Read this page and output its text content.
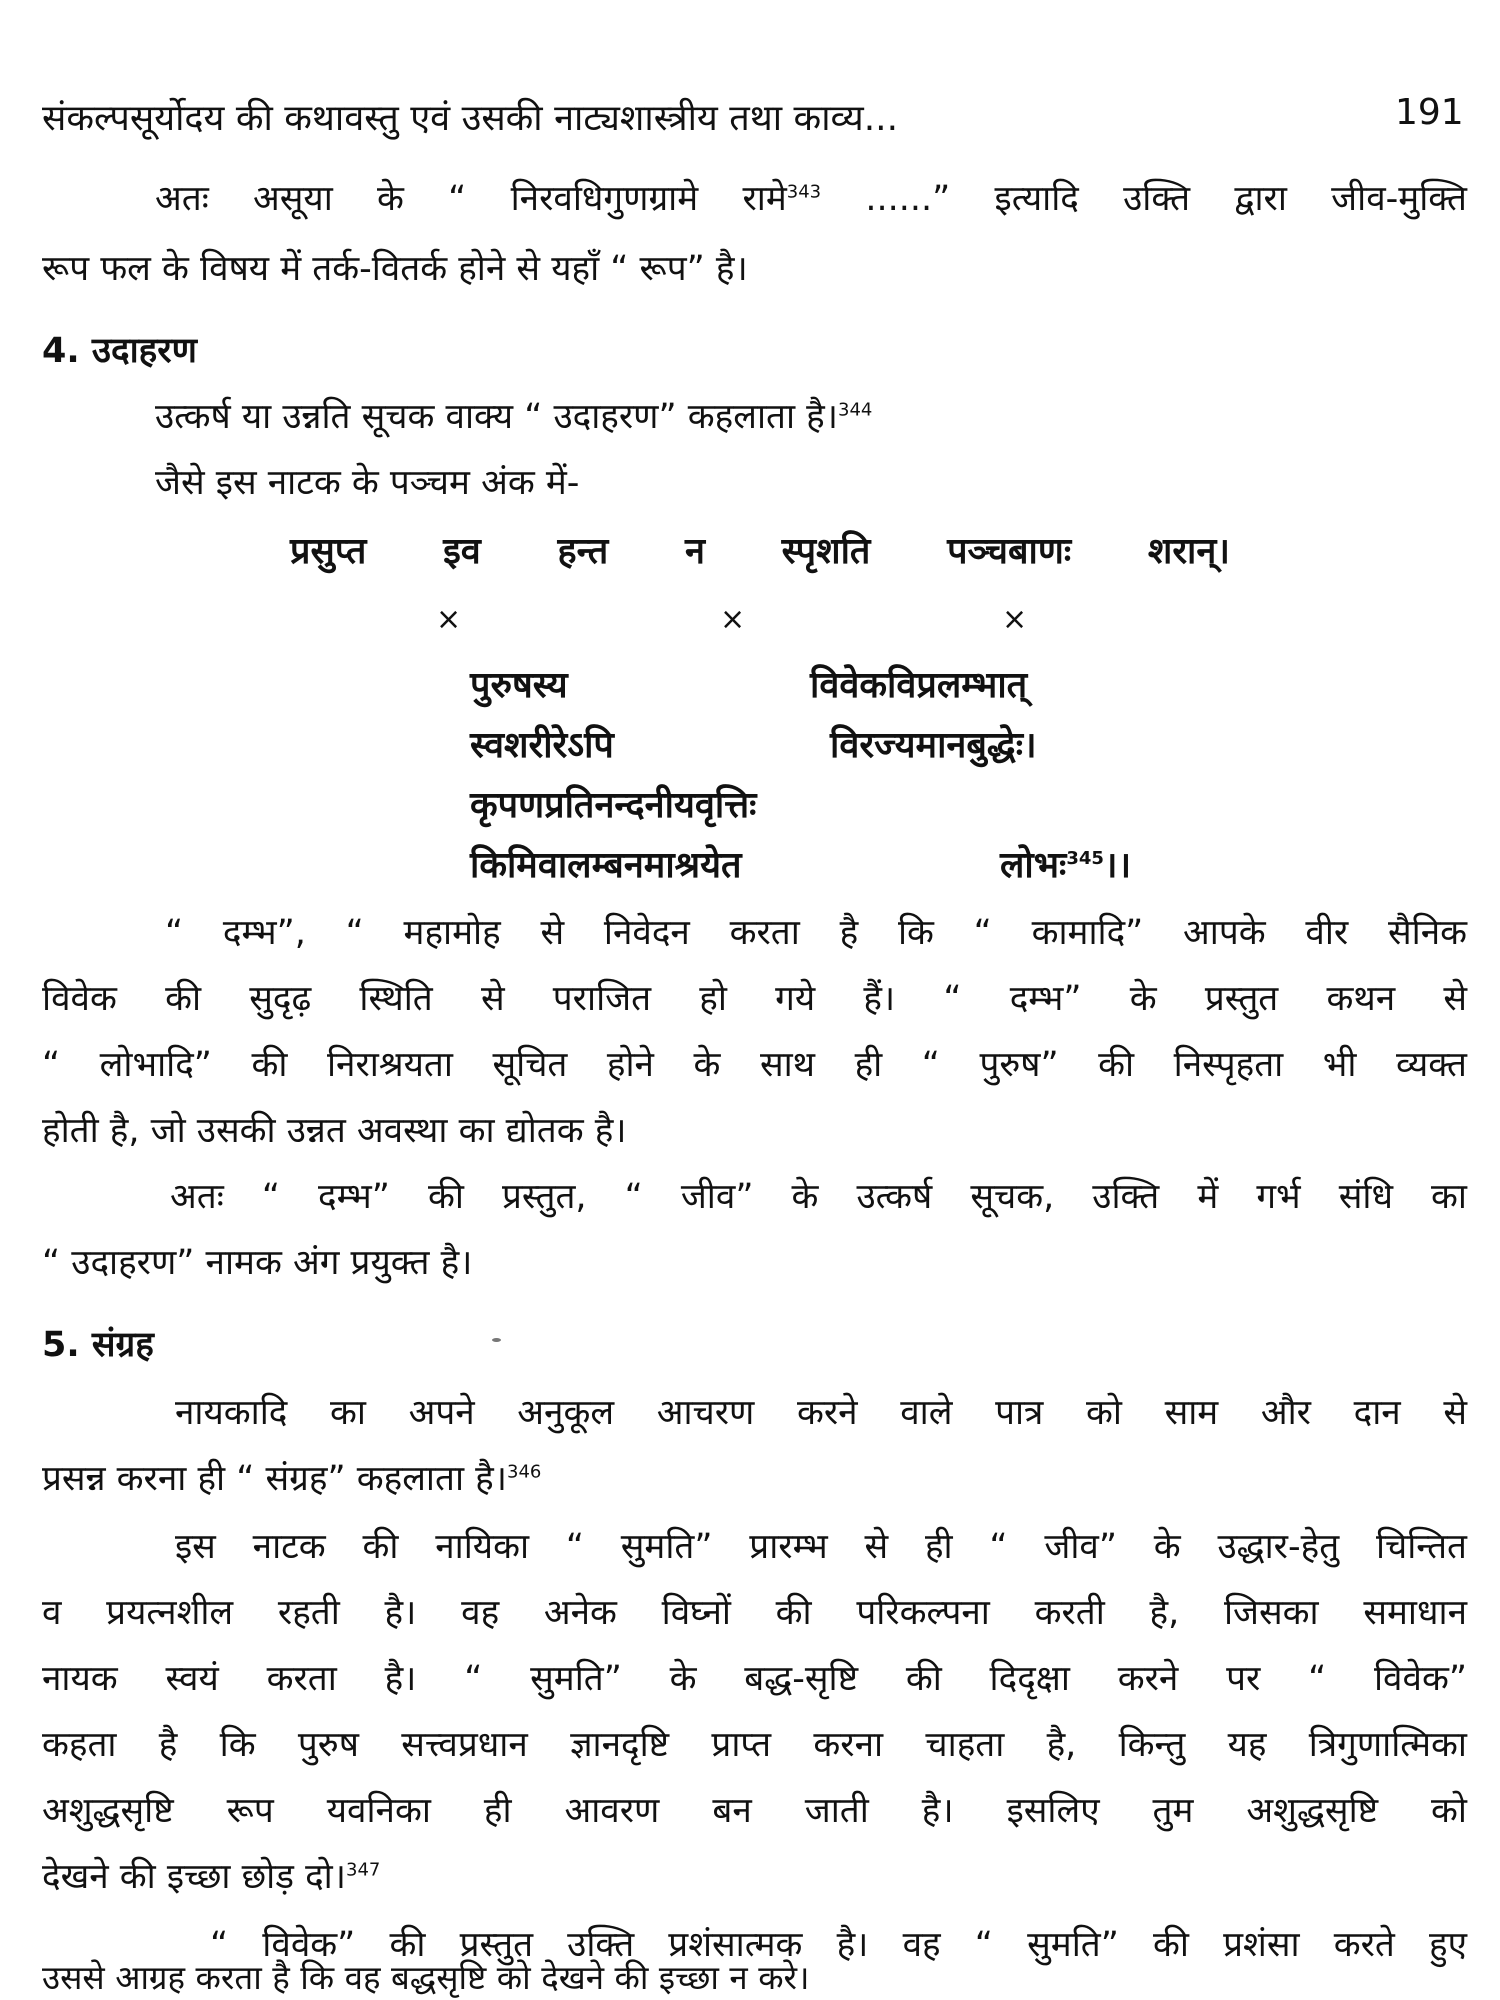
संकल्पसूर्योदय की कथावस्तु एवं उसकी नाट्यशास्त्रीय तथा काव्य...	191
अतः असूया के “ निरवधिगुणग्रामे रामे$^{343}$ ......” इत्यादि उक्ति द्वारा जीव-मुक्ति
रूप फल के विषय में तर्क-वितर्क होने से यहाँ “ रूप” है।
4. उदाहरण
उत्कर्ष या उन्नति सूचक वाक्य “ उदाहरण” कहलाता है।$^{344}$
जैसे इस नाटक के पञ्चम अंक में-
प्रसुप्त इव हन्त न स्पृशति पञ्चबाणः शरान्।
×	×	×
पुरुषस्य	विवेकविप्रलम्भात्
स्वशरीरेऽपि	विरज्यमानबुद्धेः।
कृपणप्रतिनन्दनीयवृत्तिः
किमिवालम्बनमाश्रयेत	लोभः$^{345}$।।
“ दम्भ”, “ महामोह से निवेदन करता है कि “ कामादि” आपके वीर सैनिक
विवेक की सुदृढ़ स्थिति से पराजित हो गये हैं। “ दम्भ” के प्रस्तुत कथन से
“ लोभादि” की निराश्रयता सूचित होने के साथ ही “ पुरुष” की निस्पृहता भी व्यक्त
होती है, जो उसकी उन्नत अवस्था का द्योतक है।
अतः “ दम्भ” की प्रस्तुत, “ जीव” के उत्कर्ष सूचक, उक्ति में गर्भ संधि का
“ उदाहरण” नामक अंग प्रयुक्त है।
5. संग्रह
नायकादि का अपने अनुकूल आचरण करने वाले पात्र को साम और दान से
प्रसन्न करना ही “ संग्रह” कहलाता है।$^{346}$
इस नाटक की नायिका “ सुमति” प्रारम्भ से ही “ जीव” के उद्धार-हेतु चिन्तित
व प्रयत्नशील रहती है। वह अनेक विघ्नों की परिकल्पना करती है, जिसका समाधान
नायक स्वयं करता है। “ सुमति” के बद्ध-सृष्टि की दिदृक्षा करने पर “ विवेक”
कहता है कि पुरुष सत्त्वप्रधान ज्ञानदृष्टि प्राप्त करना चाहता है, किन्तु यह त्रिगुणात्मिका
अशुद्धसृष्टि रूप यवनिका ही आवरण बन जाती है। इसलिए तुम अशुद्धसृष्टि को
देखने की इच्छा छोड़ दो।$^{347}$
“ विवेक” की प्रस्तुत उक्ति प्रशंसात्मक है। वह “ सुमति” की प्रशंसा करते हुए
उससे आग्रह करता है कि वह बद्धसृष्टि को देखने की इच्छा न करे।
